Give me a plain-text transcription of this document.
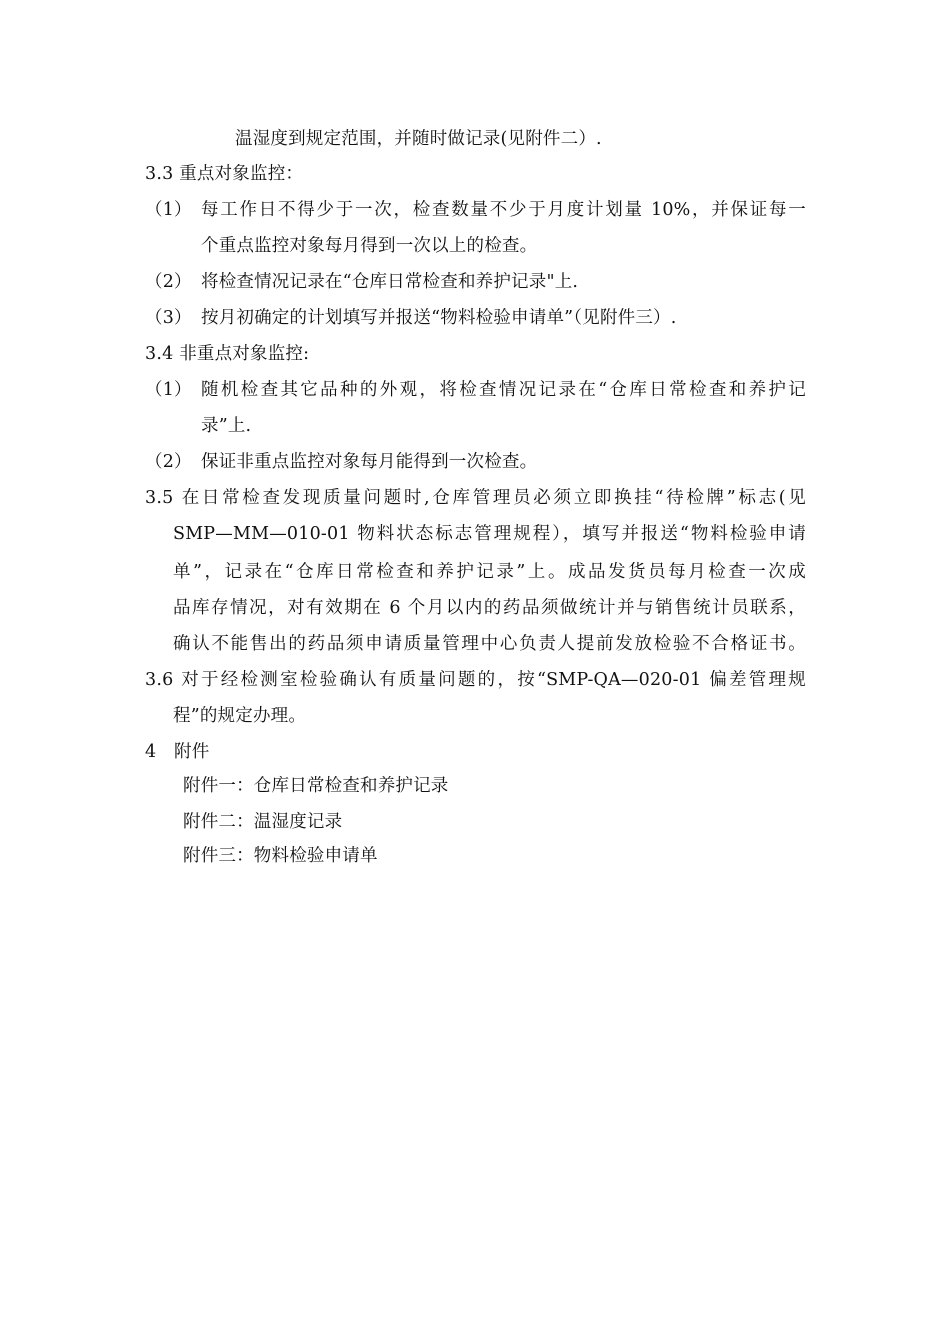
温湿度到规定范围，并随时做记录(见附件二）.
3.3 重点对象监控：
（1） 每工作日不得少于一次，检查数量不少于月度计划量 10%，并保证每一
个重点监控对象每月得到一次以上的检查。
（2） 将检查情况记录在“仓库日常检查和养护记录"上.
（3） 按月初确定的计划填写并报送“物料检验申请单”（见附件三）.
3.4 非重点对象监控:
（1） 随机检查其它品种的外观，将检查情况记录在“仓库日常检查和养护记
录”上.
（2） 保证非重点监控对象每月能得到一次检查。
3.5 在日常检查发现质量问题时,仓库管理员必须立即换挂“待检牌”标志(见
SMP—MM—010-01 物料状态标志管理规程），填写并报送“物料检验申请
单”，记录在“仓库日常检查和养护记录”上。成品发货员每月检查一次成
品库存情况，对有效期在 6 个月以内的药品须做统计并与销售统计员联系，
确认不能售出的药品须申请质量管理中心负责人提前发放检验不合格证书。
3.6 对于经检测室检验确认有质量问题的，按“SMP-QA—020-01 偏差管理规
程”的规定办理。
4　附件
附件一：仓库日常检查和养护记录
附件二：温湿度记录
附件三：物料检验申请单
